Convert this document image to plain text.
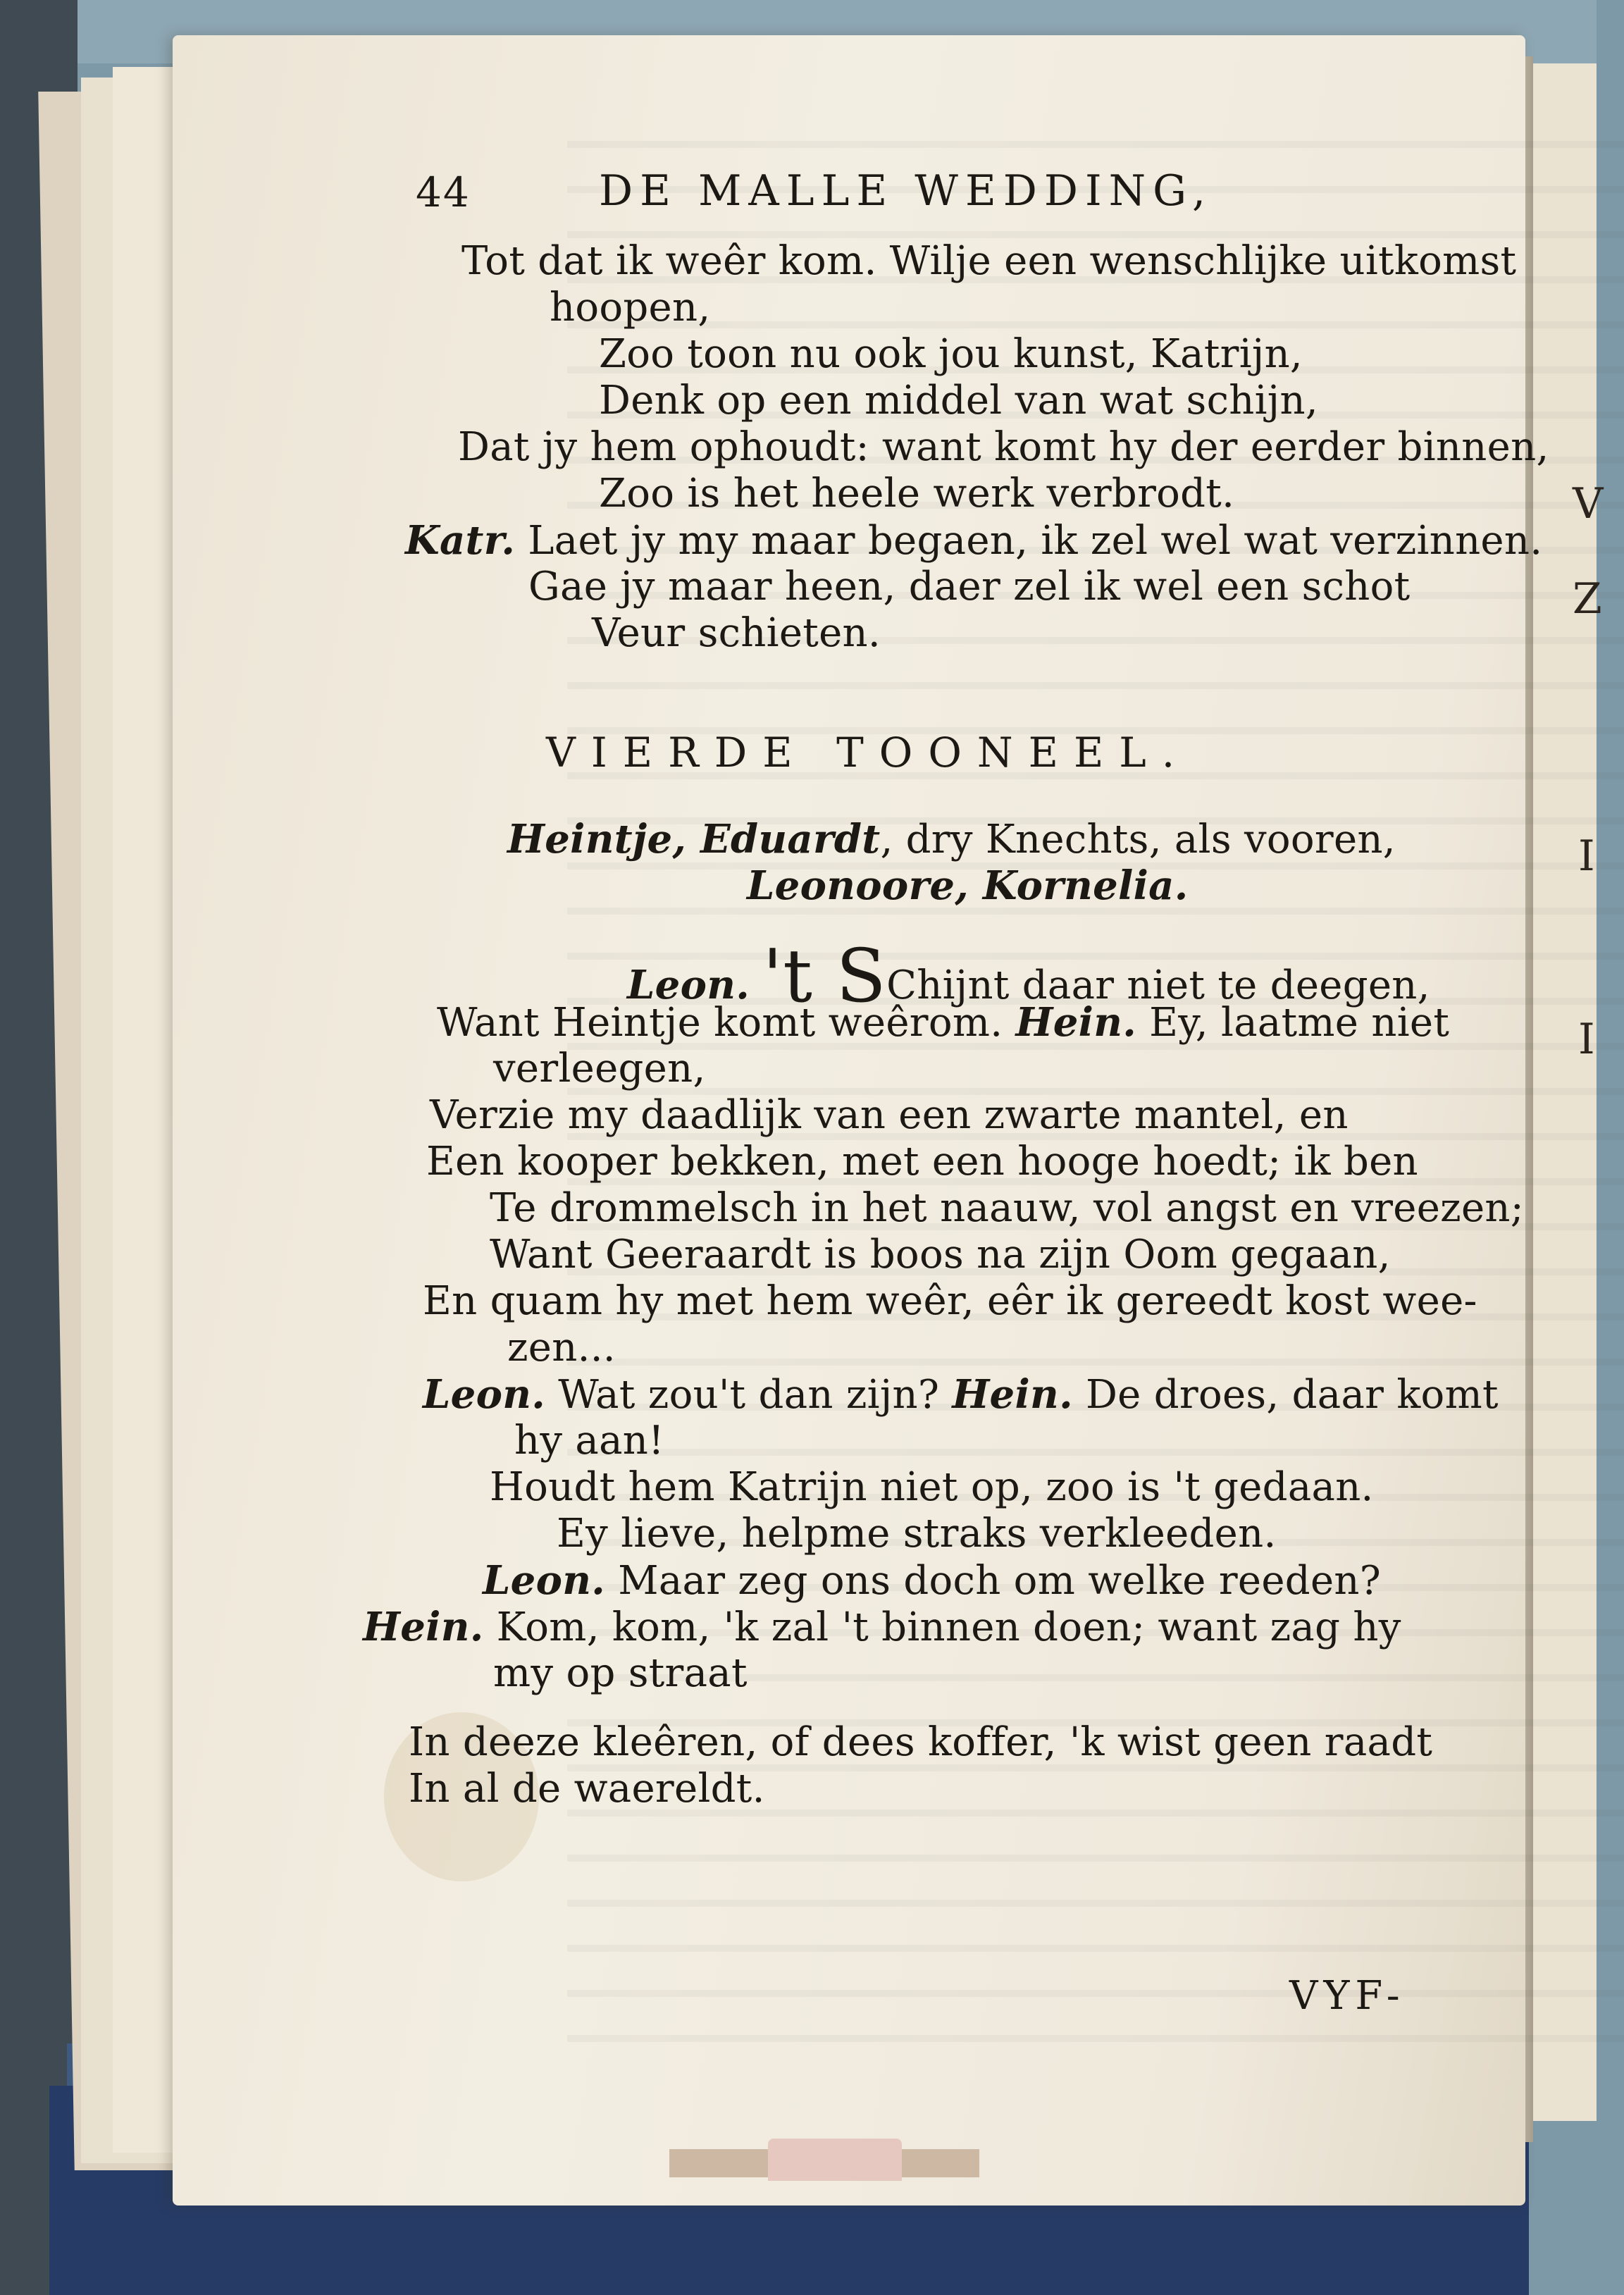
V
Z
I
I
44	DE MALLE WEDDING,
Tot dat ik weêr kom. Wilje een wenschlijke uitkomst
hoopen,
Zoo toon nu ook jou kunst, Katrijn,
Denk op een middel van wat schijn,
Dat jy hem ophoudt: want komt hy der eerder binnen,
Zoo is het heele werk verbrodt.
Katr. Laet jy my maar begaen, ik zel wel wat verzinnen.
Gae jy maar heen, daer zel ik wel een schot
Veur schieten.
VIERDE TOONEEL.
Heintje, Eduardt, dry Knechts, als vooren,
Leonoore, Kornelia.
Leon. 't SChijnt daar niet te deegen,
Want Heintje komt weêrom. Hein. Ey, laatme niet
verleegen,
Verzie my daadlijk van een zwarte mantel, en
Een kooper bekken, met een hooge hoedt; ik ben
Te drommelsch in het naauw, vol angst en vreezen;
Want Geeraardt is boos na zijn Oom gegaan,
En quam hy met hem weêr, eêr ik gereedt kost wee-
zen...
Leon. Wat zou't dan zijn? Hein. De droes, daar komt
hy aan!
Houdt hem Katrijn niet op, zoo is 't gedaan.
Ey lieve, helpme straks verkleeden.
Leon. Maar zeg ons doch om welke reeden?
Hein. Kom, kom, 'k zal 't binnen doen; want zag hy
my op straat
In deeze kleêren, of dees koffer, 'k wist geen raadt
In al de waereldt.
VYF-
